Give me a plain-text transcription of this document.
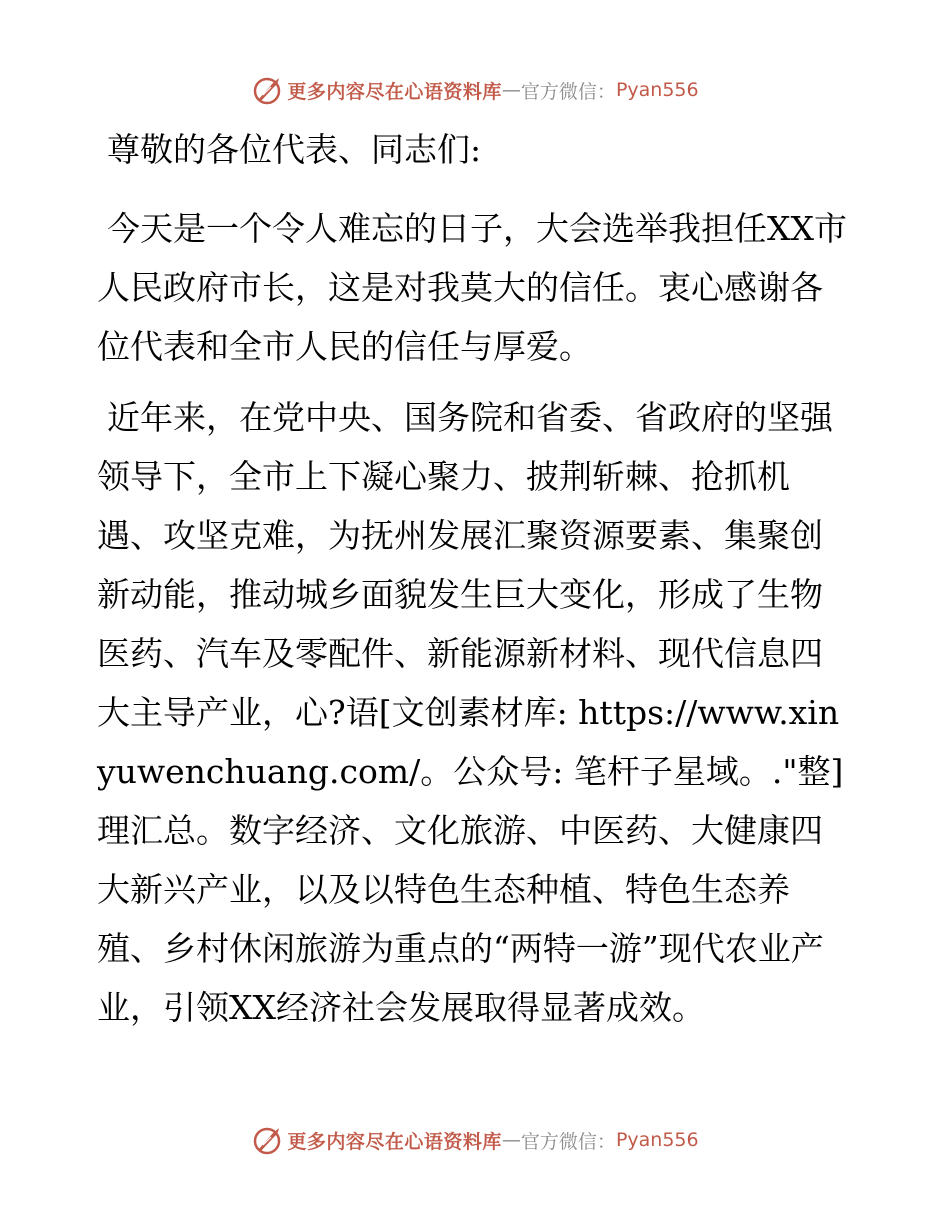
更多内容尽在心语资料库 — 官方微信： Pyan556

尊敬的各位代表、同志们:

今天是一个令人难忘的日子，大会选举我担任XX市人民政府市长，这是对我莫大的信任。衷心感谢各位代表和全市人民的信任与厚爱。

近年来，在党中央、国务院和省委、省政府的坚强领导下，全市上下凝心聚力、披荆斩棘、抢抓机遇、攻坚克难，为抚州发展汇聚资源要素、集聚创新动能，推动城乡面貌发生巨大变化，形成了生物医药、汽车及零配件、新能源新材料、现代信息四大主导产业，心?语[文创素材库: https://www.xinyuwenchuang.com/。公众号: 笔杆子星域。."整]理汇总。数字经济、文化旅游、中医药、大健康四大新兴产业，以及以特色生态种植、特色生态养殖、乡村休闲旅游为重点的“两特一游”现代农业产业，引领XX经济社会发展取得显著成效。

更多内容尽在心语资料库 — 官方微信： Pyan556
